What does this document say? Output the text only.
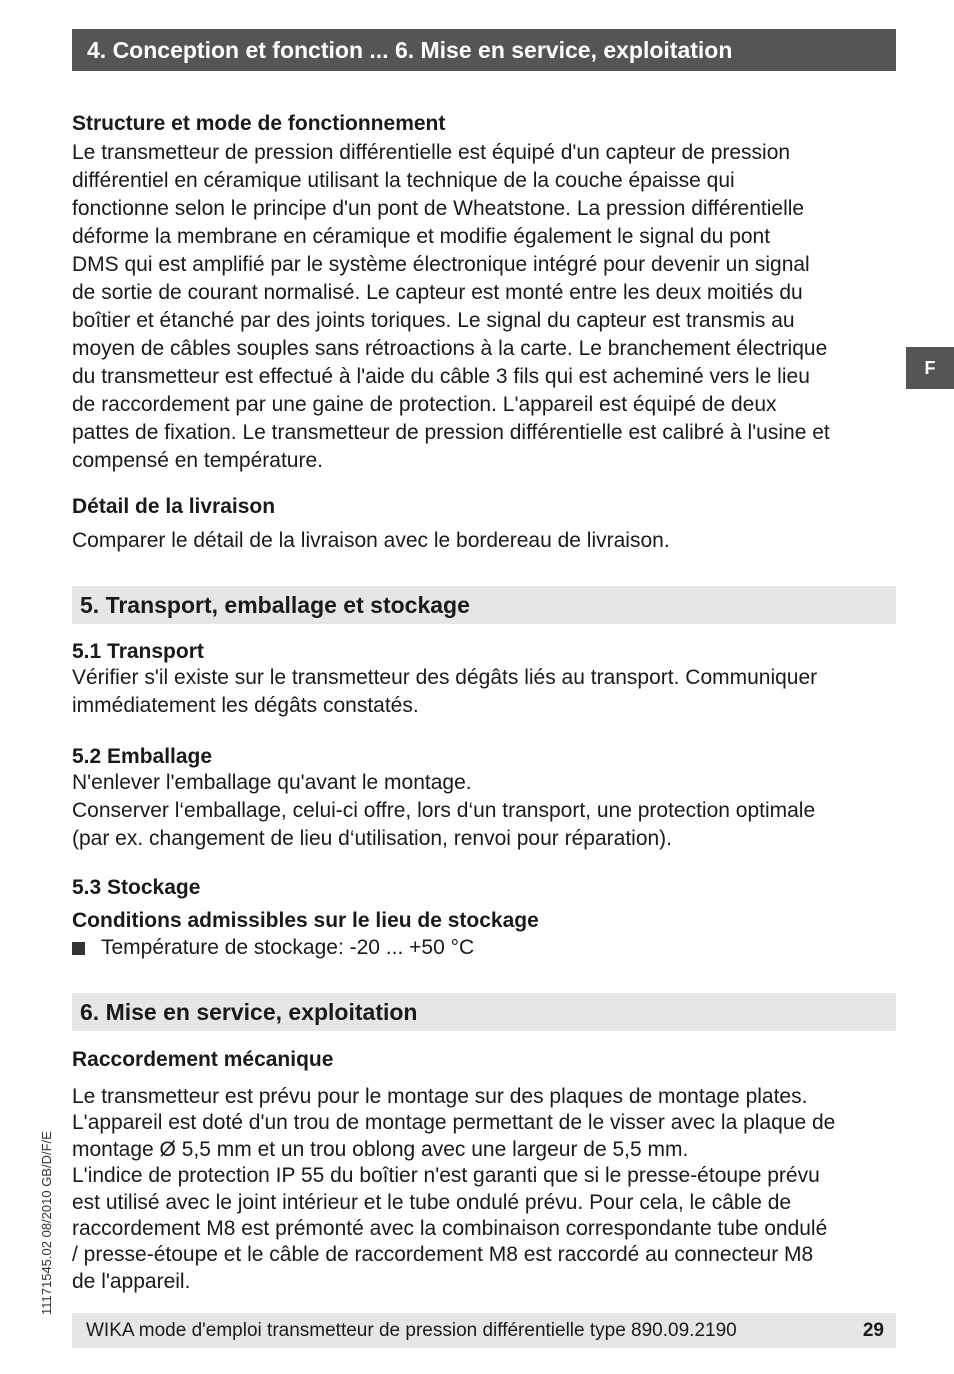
4. Conception et fonction ... 6. Mise en service, exploitation
F
Structure et mode de fonctionnement
Le transmetteur de pression différentielle est équipé d'un capteur de pression
différentiel en céramique utilisant la technique de la couche épaisse qui
fonctionne selon le principe d'un pont de Wheatstone. La pression différentielle
déforme la membrane en céramique et modifie également le signal du pont
DMS qui est amplifié par le système électronique intégré pour devenir un signal
de sortie de courant normalisé. Le capteur est monté entre les deux moitiés du
boîtier et étanché par des joints toriques. Le signal du capteur est transmis au
moyen de câbles souples sans rétroactions à la carte. Le branchement électrique
du transmetteur est effectué à l'aide du câble 3 fils qui est acheminé vers le lieu
de raccordement par une gaine de protection. L'appareil est équipé de deux
pattes de fixation. Le transmetteur de pression différentielle est calibré à l'usine et
compensé en température.
Détail de la livraison
Comparer le détail de la livraison avec le bordereau de livraison.
5. Transport, emballage et stockage
5.1 Transport
Vérifier s'il existe sur le transmetteur des dégâts liés au transport. Communiquer
immédiatement les dégâts constatés.
5.2 Emballage
N'enlever l'emballage qu'avant le montage.
Conserver l‘emballage, celui-ci offre, lors d‘un transport, une protection optimale
(par ex. changement de lieu d‘utilisation, renvoi pour réparation).
5.3 Stockage
Conditions admissibles sur le lieu de stockage
Température de stockage: -20 ... +50 °C
6. Mise en service, exploitation
Raccordement mécanique
Le transmetteur est prévu pour le montage sur des plaques de montage plates.
L'appareil est doté d'un trou de montage permettant de le visser avec la plaque de
montage Ø 5,5 mm et un trou oblong avec une largeur de 5,5 mm.
L'indice de protection IP 55 du boîtier n'est garanti que si le presse-étoupe prévu
est utilisé avec le joint intérieur et le tube ondulé prévu. Pour cela, le câble de
raccordement M8 est prémonté avec la combinaison correspondante tube ondulé
/ presse-étoupe et le câble de raccordement M8 est raccordé au connecteur M8
de l'appareil.
11171545.02 08/2010 GB/D/F/E
WIKA mode d'emploi transmetteur de pression différentielle type 890.09.2190	29
